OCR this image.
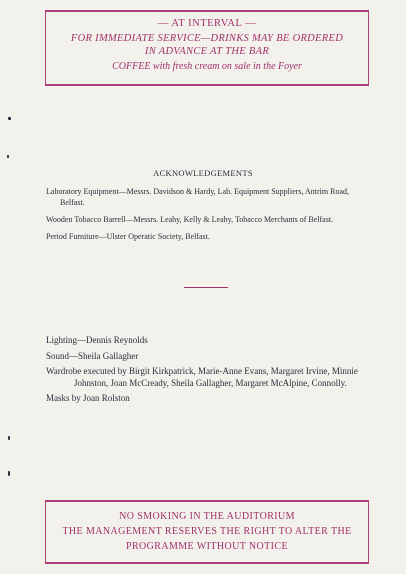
— AT INTERVAL —
FOR IMMEDIATE SERVICE—DRINKS MAY BE ORDERED
IN ADVANCE AT THE BAR
COFFEE with fresh cream on sale in the Foyer
ACKNOWLEDGEMENTS
Laboratory Equipment—Messrs. Davidson & Hardy, Lab. Equipment Suppliers, Antrim Road, Belfast.
Wooden Tobacco Barrell—Messrs. Leahy, Kelly & Leahy, Tobacco Merchants of Belfast.
Period Furniture—Ulster Operatic Society, Belfast.
Lighting—Dennis Reynolds
Sound—Sheila Gallagher
Wardrobe executed by Birgit Kirkpatrick, Marie-Anne Evans, Margaret Irvine, Minnie Johnston, Joan McCready, Sheila Gallagher, Margaret McAlpine, Connolly.
Masks by Joan Rolston
NO SMOKING IN THE AUDITORIUM
THE MANAGEMENT RESERVES THE RIGHT TO ALTER THE
PROGRAMME WITHOUT NOTICE
